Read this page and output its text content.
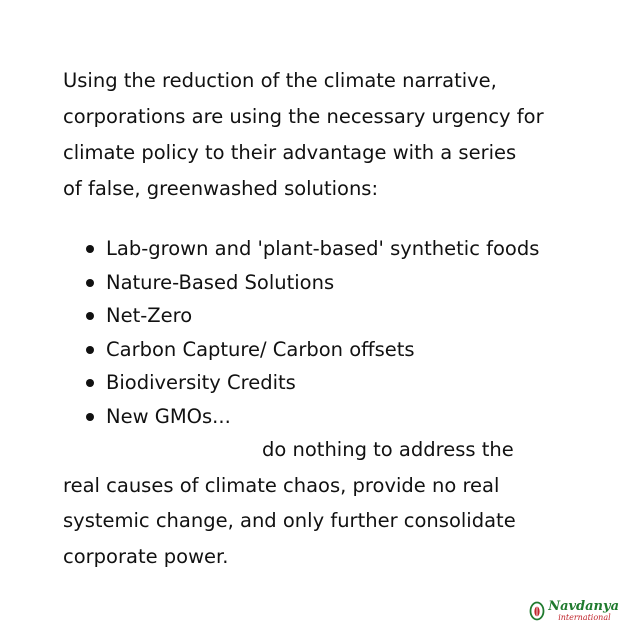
Using the reduction of the climate narrative,
corporations are using the necessary urgency for
climate policy to their advantage with a series
of false, greenwashed solutions:

Lab-grown and 'plant-based' synthetic foods
Nature-Based Solutions
Net-Zero
Carbon Capture/ Carbon offsets
Biodiversity Credits
New GMOs...

do nothing to address the
real causes of climate chaos, provide no real
systemic change, and only further consolidate
corporate power.

Navdanya
international
